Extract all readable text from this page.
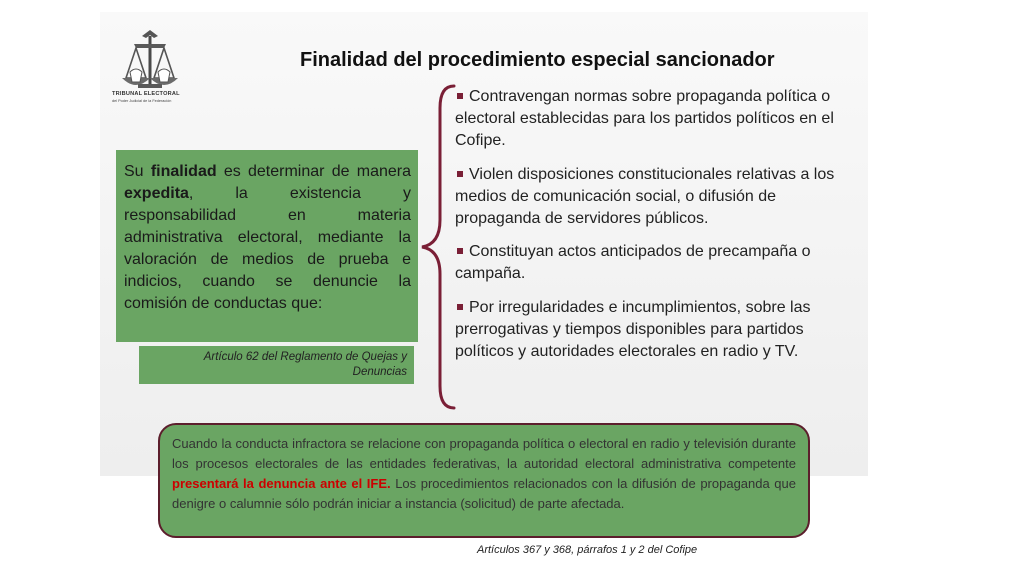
TRIBUNAL ELECTORAL
del Poder Judicial de la Federación
Finalidad del procedimiento especial sancionador

Su finalidad es determinar de manera expedita, la existencia y responsabilidad en materia administrativa electoral, mediante la valoración de medios de prueba e indicios, cuando se denuncie la comisión de conductas que:

Artículo 62 del Reglamento de Quejas y Denuncias
Contravengan normas sobre propaganda política o electoral establecidas para los partidos políticos en el Cofipe.
Violen disposiciones constitucionales relativas a los medios de comunicación social, o difusión de propaganda de servidores públicos.
Constituyan actos anticipados de precampaña o campaña.
Por irregularidades e incumplimientos, sobre las prerrogativas y tiempos disponibles para partidos políticos y autoridades electorales en radio y TV.

Cuando la conducta infractora se relacione con propaganda política o electoral en radio y televisión durante los procesos electorales de las entidades federativas, la autoridad electoral administrativa competente presentará la denuncia ante el IFE. Los procedimientos relacionados con la difusión de propaganda que denigre o calumnie sólo podrán iniciar a instancia (solicitud) de parte afectada.

Artículos 367 y 368, párrafos 1 y 2 del Cofipe
